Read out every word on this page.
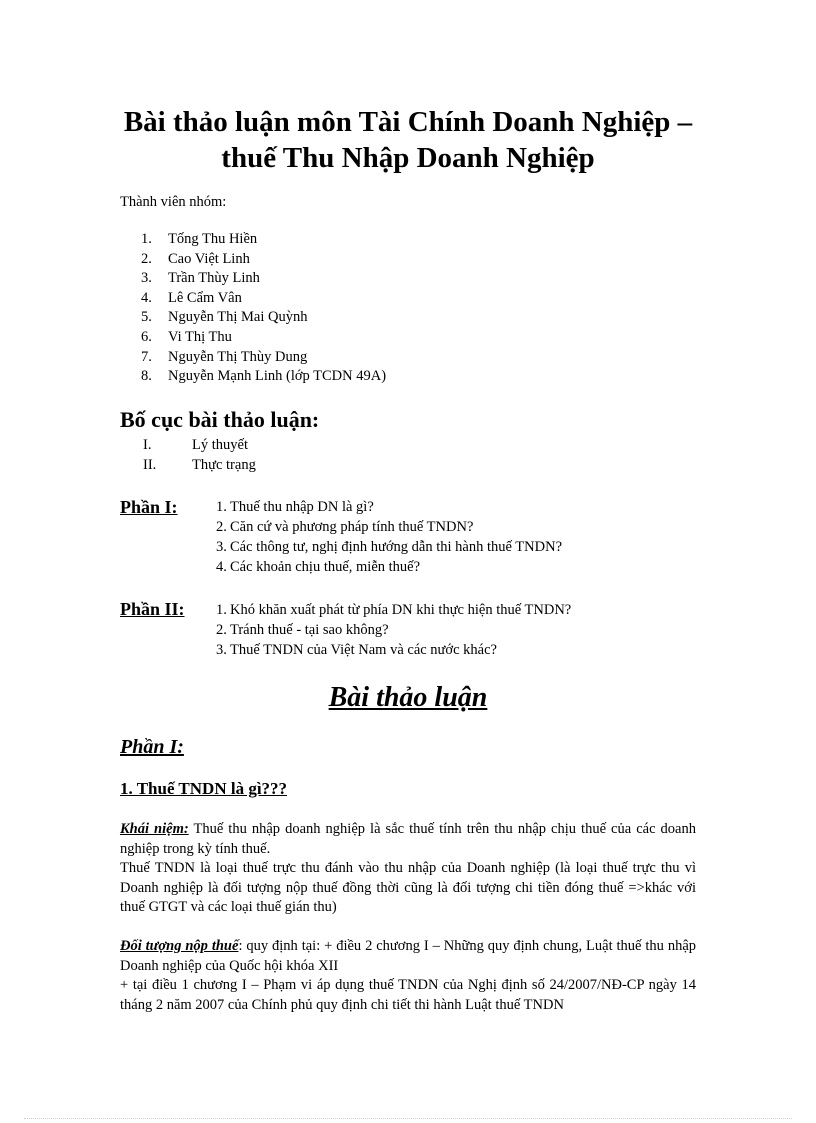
Bài thảo luận môn Tài Chính Doanh Nghiệp –
thuế Thu Nhập Doanh Nghiệp
Thành viên nhóm:
1. Tống Thu Hiền
2. Cao Việt Linh
3. Trần Thùy Linh
4. Lê Cẩm Vân
5. Nguyễn Thị Mai Quỳnh
6. Vi Thị Thu
7. Nguyễn Thị Thùy Dung
8. Nguyễn Mạnh Linh (lớp TCDN 49A)
Bố cục bài thảo luận:
I.	Lý thuyết
II. Thực trạng
Phần I:	1. Thuế thu nhập DN là gì?
2. Căn cứ và phương pháp tính thuế TNDN?
3. Các thông tư, nghị định hướng dẫn thi hành thuế TNDN?
4. Các khoản chịu thuế, miễn thuế?
Phần II: 1. Khó khăn xuất phát từ phía DN khi thực hiện thuế TNDN?
2. Tránh thuế - tại sao không?
3. Thuế TNDN của Việt Nam và các nước khác?
Bài thảo luận
Phần I:
1. Thuế TNDN là gì???
Khái niệm: Thuế thu nhập doanh nghiệp là sắc thuế tính trên thu nhập chịu thuế của các doanh nghiệp trong kỳ tính thuế.
Thuế TNDN là loại thuế trực thu đánh vào thu nhập của Doanh nghiệp (là loại thuế trực thu vì Doanh nghiệp là đối tượng nộp thuế đồng thời cũng là đối tượng chi tiền đóng thuế =>khác với thuế GTGT và các loại thuế gián thu)
Đối tượng nộp thuế: quy định tại: + điều 2 chương I – Những quy định chung, Luật thuế thu nhập Doanh nghiệp của Quốc hội khóa XII
+ tại điều 1 chương I – Phạm vi áp dụng thuế TNDN của Nghị định số 24/2007/NĐ-CP ngày 14 tháng 2 năm 2007 của Chính phủ quy định chi tiết thi hành Luật thuế TNDN
